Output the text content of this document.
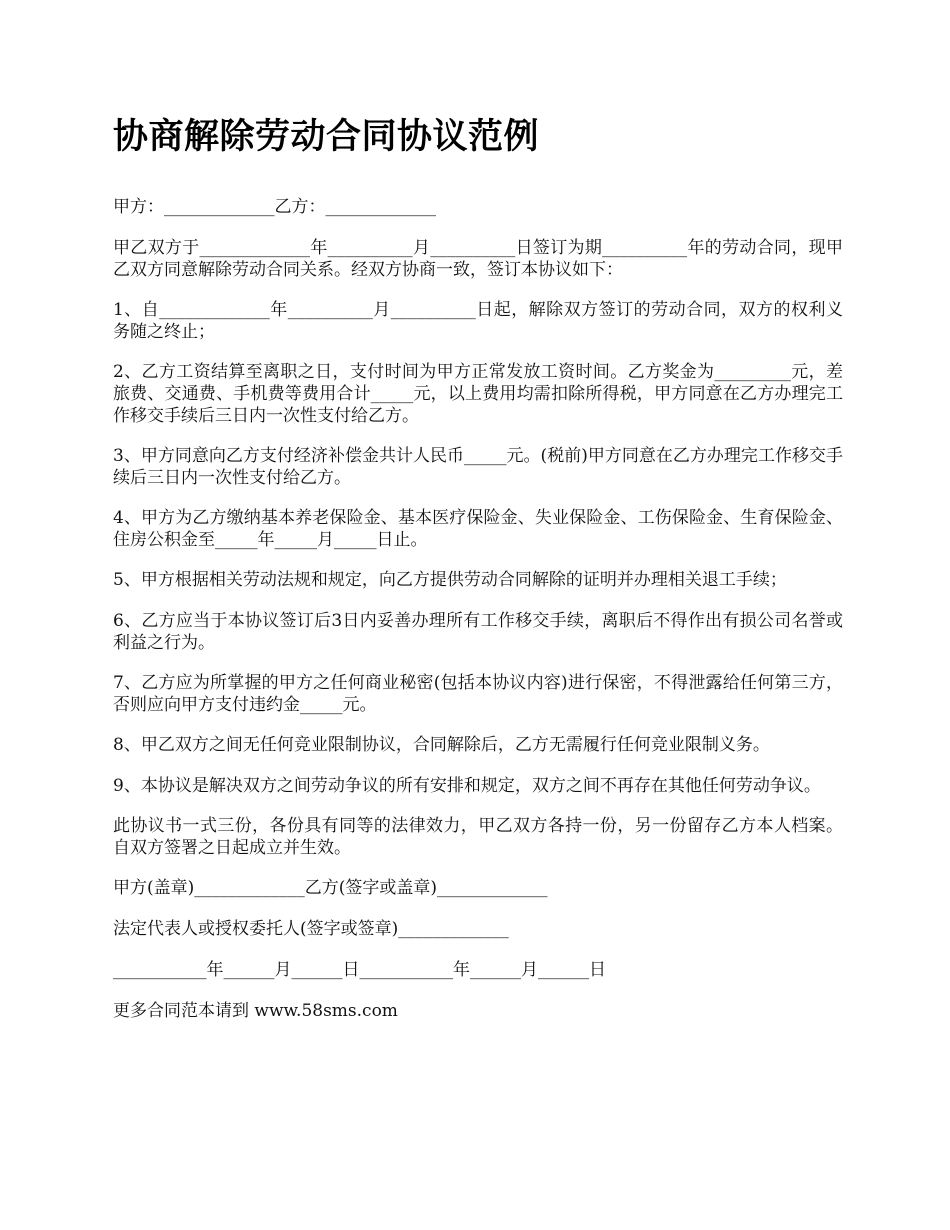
协商解除劳动合同协议范例

甲方：_____________乙方：_____________

甲乙双方于_____________年__________月__________日签订为期__________年的劳动合同，现甲乙双方同意解除劳动合同关系。经双方协商一致，签订本协议如下：

1、自_____________年__________月__________日起，解除双方签订的劳动合同，双方的权利义务随之终止；

2、乙方工资结算至离职之日，支付时间为甲方正常发放工资时间。乙方奖金为_________元，差旅费、交通费、手机费等费用合计_____元，以上费用均需扣除所得税，甲方同意在乙方办理完工作移交手续后三日内一次性支付给乙方。

3、甲方同意向乙方支付经济补偿金共计人民币_____元。(税前)甲方同意在乙方办理完工作移交手续后三日内一次性支付给乙方。

4、甲方为乙方缴纳基本养老保险金、基本医疗保险金、失业保险金、工伤保险金、生育保险金、住房公积金至_____年_____月_____日止。

5、甲方根据相关劳动法规和规定，向乙方提供劳动合同解除的证明并办理相关退工手续；

6、乙方应当于本协议签订后3日内妥善办理所有工作移交手续，离职后不得作出有损公司名誉或利益之行为。

7、乙方应为所掌握的甲方之任何商业秘密(包括本协议内容)进行保密，不得泄露给任何第三方，否则应向甲方支付违约金_____元。

8、甲乙双方之间无任何竞业限制协议，合同解除后，乙方无需履行任何竞业限制义务。

9、本协议是解决双方之间劳动争议的所有安排和规定，双方之间不再存在其他任何劳动争议。

此协议书一式三份，各份具有同等的法律效力，甲乙双方各持一份，另一份留存乙方本人档案。自双方签署之日起成立并生效。

甲方(盖章)_____________乙方(签字或盖章)_____________

法定代表人或授权委托人(签字或签章)_____________

___________年______月______日___________年______月______日

更多合同范本请到 www.58sms.com
